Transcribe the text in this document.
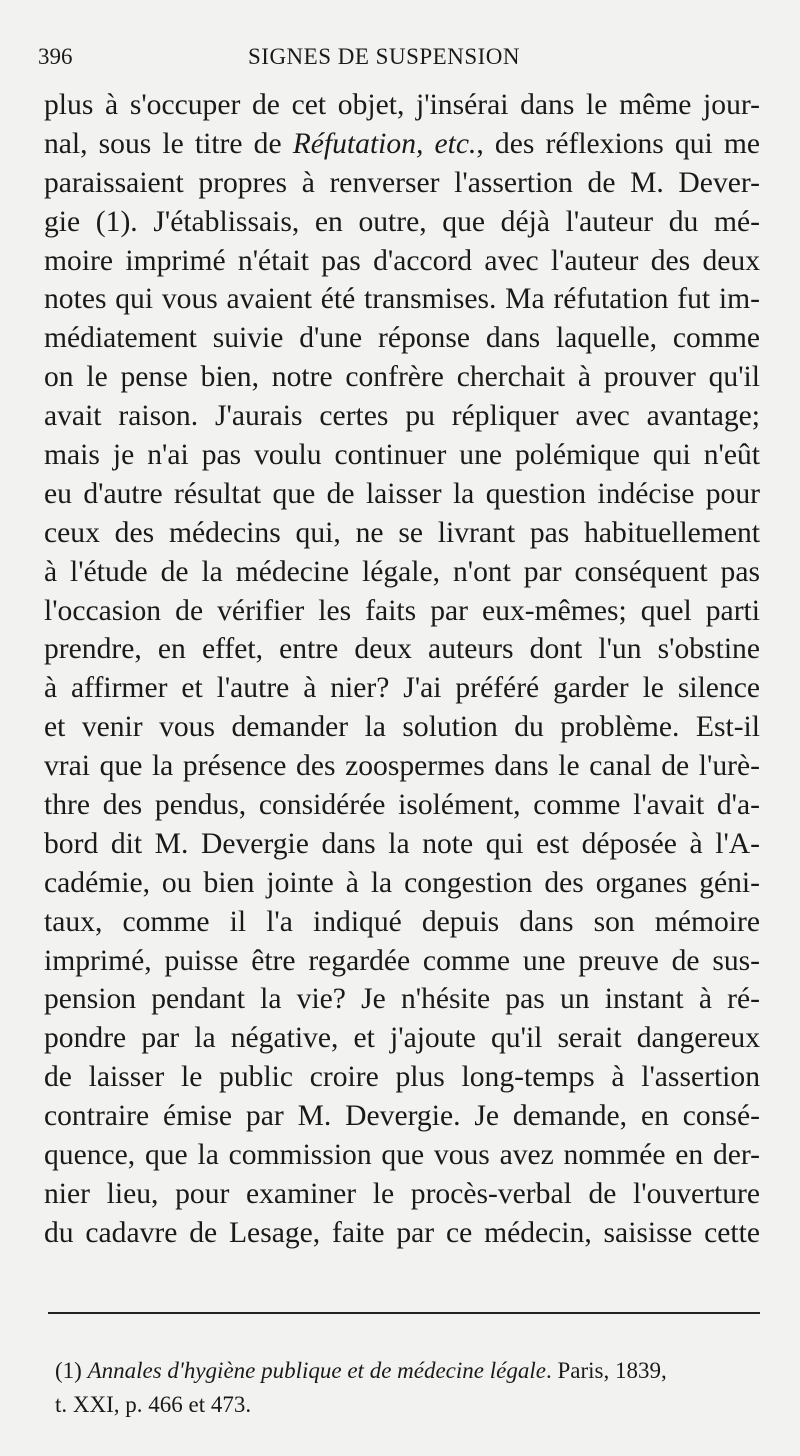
396	SIGNES DE SUSPENSION
plus à s'occuper de cet objet, j'insérai dans le même jour-
nal, sous le titre de Réfutation, etc., des réflexions qui me
paraissaient propres à renverser l'assertion de M. Dever-
gie (1). J'établissais, en outre, que déjà l'auteur du mé-
moire imprimé n'était pas d'accord avec l'auteur des deux
notes qui vous avaient été transmises. Ma réfutation fut im-
médiatement suivie d'une réponse dans laquelle, comme
on le pense bien, notre confrère cherchait à prouver qu'il
avait raison. J'aurais certes pu répliquer avec avantage;
mais je n'ai pas voulu continuer une polémique qui n'eût
eu d'autre résultat que de laisser la question indécise pour
ceux des médecins qui, ne se livrant pas habituellement
à l'étude de la médecine légale, n'ont par conséquent pas
l'occasion de vérifier les faits par eux-mêmes; quel parti
prendre, en effet, entre deux auteurs dont l'un s'obstine
à affirmer et l'autre à nier? J'ai préféré garder le silence
et venir vous demander la solution du problème. Est-il
vrai que la présence des zoospermes dans le canal de l'urè-
thre des pendus, considérée isolément, comme l'avait d'a-
bord dit M. Devergie dans la note qui est déposée à l'A-
cadémie, ou bien jointe à la congestion des organes géni-
taux, comme il l'a indiqué depuis dans son mémoire
imprimé, puisse être regardée comme une preuve de sus-
pension pendant la vie? Je n'hésite pas un instant à ré-
pondre par la négative, et j'ajoute qu'il serait dangereux
de laisser le public croire plus long-temps à l'assertion
contraire émise par M. Devergie. Je demande, en consé-
quence, que la commission que vous avez nommée en der-
nier lieu, pour examiner le procès-verbal de l'ouverture
du cadavre de Lesage, faite par ce médecin, saisisse cette
(1) Annales d'hygiène publique et de médecine légale. Paris, 1839,
t. XXI, p. 466 et 473.
